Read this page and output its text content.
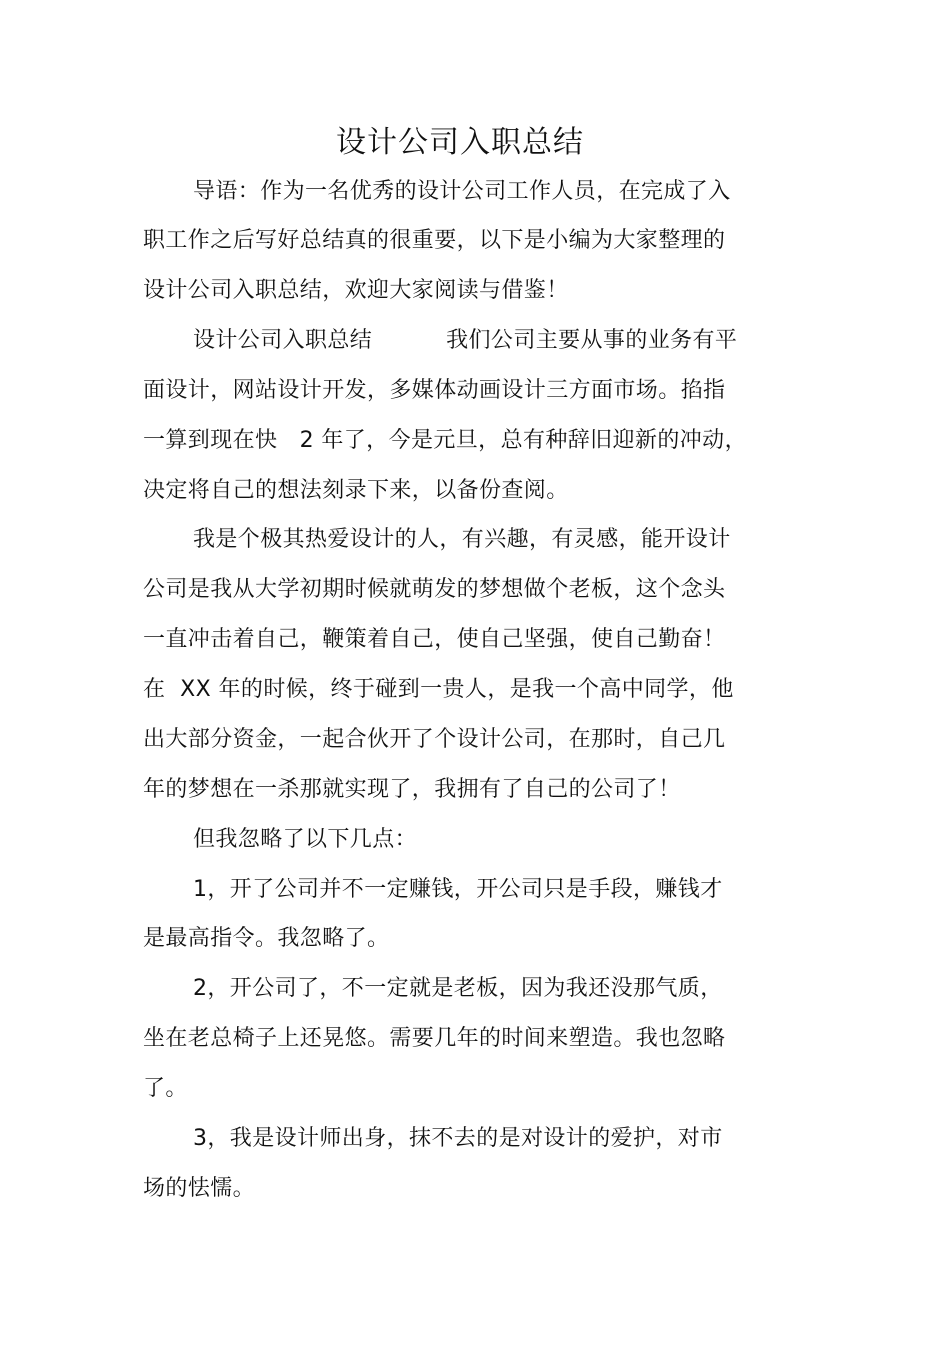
设计公司入职总结
导语：作为一名优秀的设计公司工作人员，在完成了入
职工作之后写好总结真的很重要，以下是小编为大家整理的
设计公司入职总结，欢迎大家阅读与借鉴！
设计公司入职总结          我们公司主要从事的业务有平
面设计，网站设计开发，多媒体动画设计三方面市场。掐指
一算到现在快   2 年了，今是元旦，总有种辞旧迎新的冲动，
决定将自己的想法刻录下来，以备份查阅。
我是个极其热爱设计的人，有兴趣，有灵感，能开设计
公司是我从大学初期时候就萌发的梦想做个老板，这个念头
一直冲击着自己，鞭策着自己，使自己坚强，使自己勤奋！
在  XX 年的时候，终于碰到一贵人，是我一个高中同学，他
出大部分资金，一起合伙开了个设计公司，在那时，自己几
年的梦想在一杀那就实现了，我拥有了自己的公司了！
但我忽略了以下几点：
1，开了公司并不一定赚钱，开公司只是手段，赚钱才
是最高指令。我忽略了。
2，开公司了，不一定就是老板，因为我还没那气质，
坐在老总椅子上还晃悠。需要几年的时间来塑造。我也忽略
了。
3，我是设计师出身，抹不去的是对设计的爱护，对市
场的怯懦。
